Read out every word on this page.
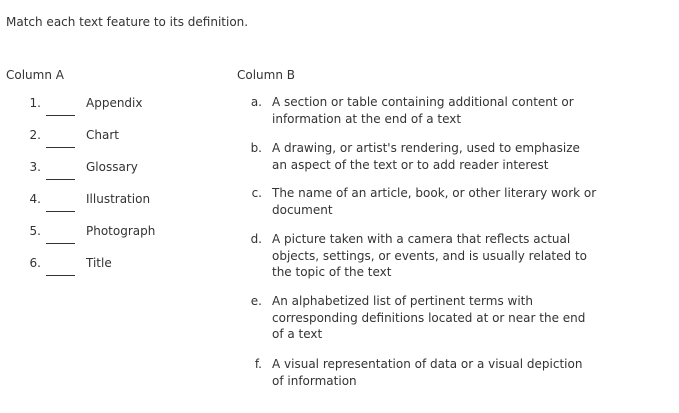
Match each text feature to its definition.
Column A	Column B
1.	Appendix
2.	Chart
3.	Glossary
4.	Illustration
5.	Photograph
6.	Title
a. A section or table containing additional content or information at the end of a text
b. A drawing, or artist's rendering, used to emphasize an aspect of the text or to add reader interest
c. The name of an article, book, or other literary work or document
d. A picture taken with a camera that reflects actual objects, settings, or events, and is usually related to the topic of the text
e. An alphabetized list of pertinent terms with corresponding definitions located at or near the end of a text
f. A visual representation of data or a visual depiction of information
